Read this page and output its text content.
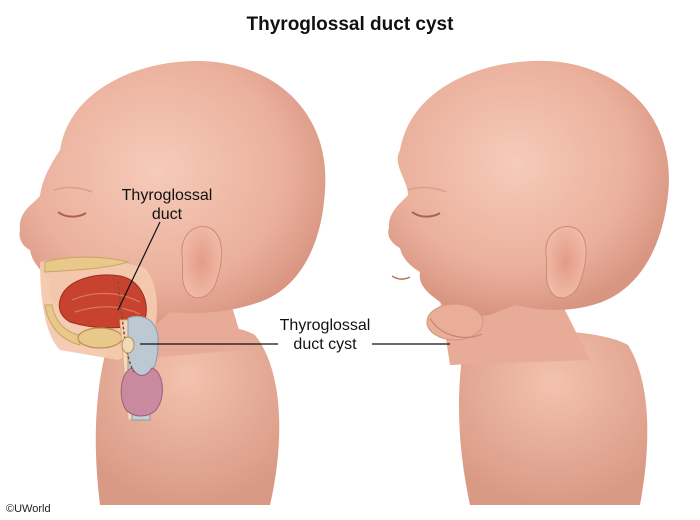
Thyroglossal duct cyst
Thyroglossal
duct
Thyroglossal
duct cyst
©UWorld
